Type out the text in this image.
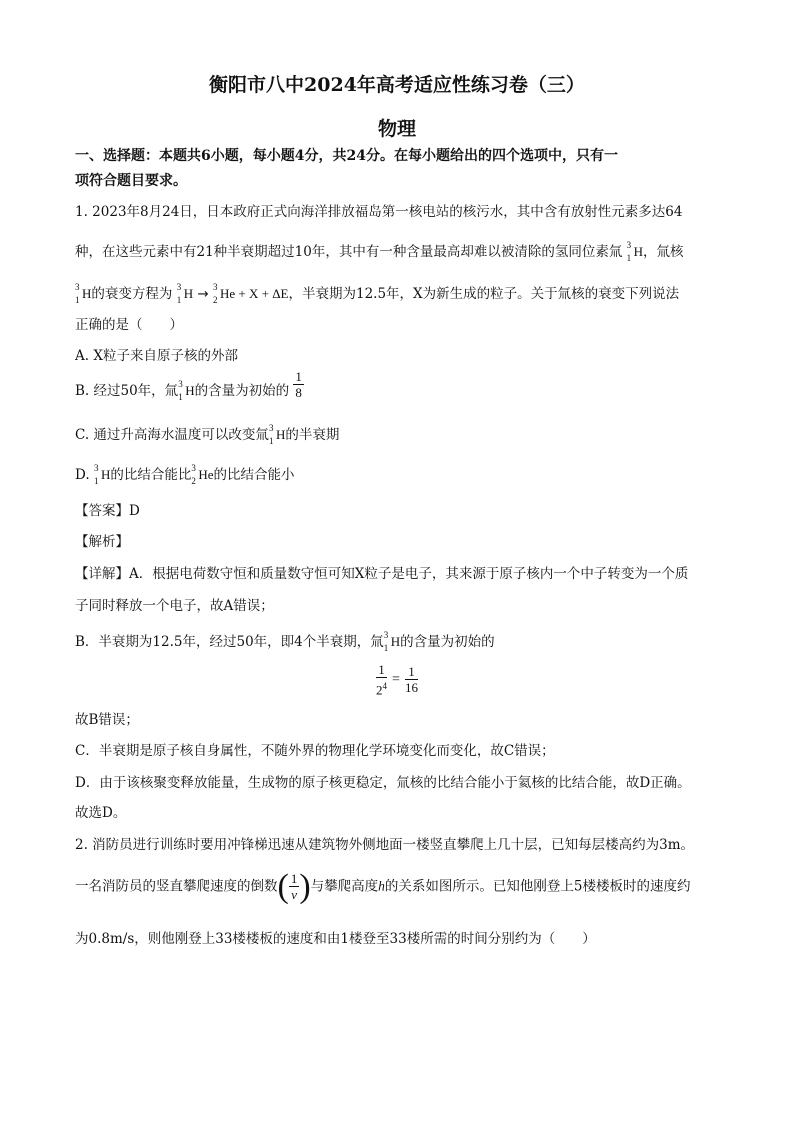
衡阳市八中2024年高考适应性练习卷（三）
物理
一、选择题：本题共6小题，每小题4分，共24分。在每小题给出的四个选项中，只有一
项符合题目要求。
1. 2023年8月24日，日本政府正式向海洋排放福岛第一核电站的核污水，其中含有放射性元素多达64
种，在这些元素中有21种半衰期超过10年，其中有一种含量最高却难以被清除的氢同位素氚 3
1 H，氚核
3
1 H的衰变方程为 3
1 H → 3
2 He + X + ΔE，半衰期为12.5年，X为新生成的粒子。关于氚核的衰变下列说法
正确的是（　　）
A. X粒子来自原子核的外部
B. 经过50年，氚 3
1 H的含量为初始的 $\frac{1}{8}$
C. 通过升高海水温度可以改变氚 3
1 H的半衰期
D. 3
1 H的比结合能比 3
2 He的比结合能小
【答案】D
【解析】
【详解】A．根据电荷数守恒和质量数守恒可知X粒子是电子，其来源于原子核内一个中子转变为一个质
子同时释放一个电子，故A错误；
B．半衰期为12.5年，经过50年，即4个半衰期，氚 3
1 H的含量为初始的
$\frac{1}{2^4} = \frac{1}{16}$
故B错误；
C．半衰期是原子核自身属性，不随外界的物理化学环境变化而变化，故C错误；
D．由于该核聚变释放能量，生成物的原子核更稳定，氚核的比结合能小于氦核的比结合能，故D正确。
故选D。
2. 消防员进行训练时要用冲锋梯迅速从建筑物外侧地面一楼竖直攀爬上几十层，已知每层楼高约为3m。
一名消防员的竖直攀爬速度的倒数( $\frac{1}{v}$ )与攀爬高度h的关系如图所示。已知他刚登上5楼楼板时的速度约
为0.8m/s，则他刚登上33楼楼板的速度和由1楼登至33楼所需的时间分别约为（　　）
